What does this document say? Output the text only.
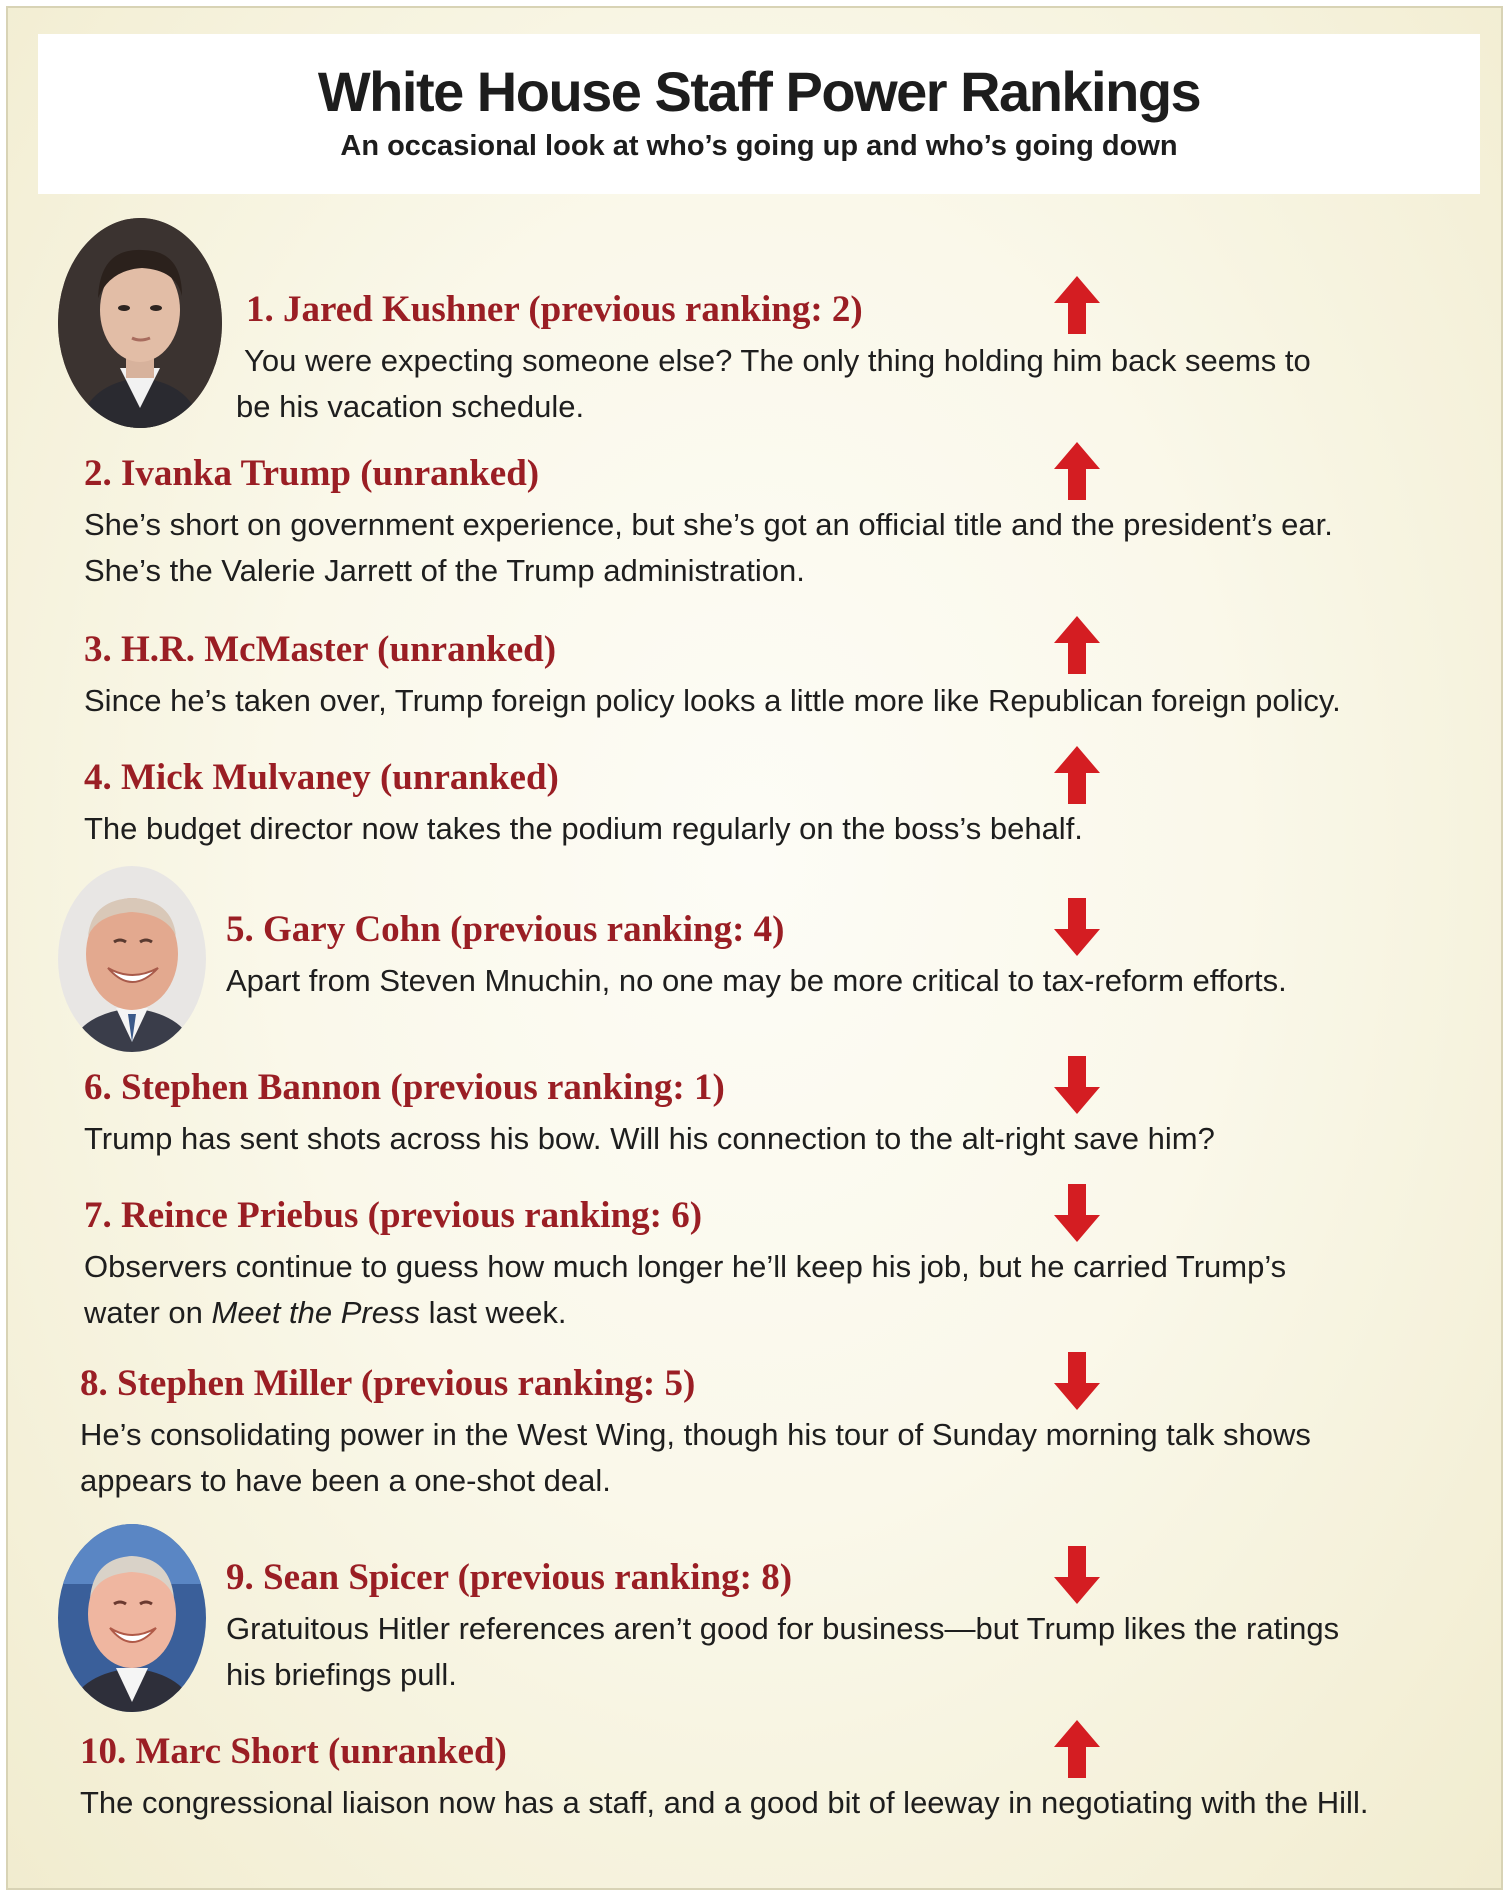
White House Staff Power Rankings
An occasional look at who’s going up and who’s going down
1. Jared Kushner (previous ranking: 2)
You were expecting someone else? The only thing holding him back seems to
be his vacation schedule.
2. Ivanka Trump (unranked)
She’s short on government experience, but she’s got an official title and the president’s ear.
She’s the Valerie Jarrett of the Trump administration.
3. H.R. McMaster (unranked)
Since he’s taken over, Trump foreign policy looks a little more like Republican foreign policy.
4. Mick Mulvaney (unranked)
The budget director now takes the podium regularly on the boss’s behalf.
5. Gary Cohn (previous ranking: 4)
Apart from Steven Mnuchin, no one may be more critical to tax-reform efforts.
6. Stephen Bannon (previous ranking: 1)
Trump has sent shots across his bow. Will his connection to the alt-right save him?
7. Reince Priebus (previous ranking: 6)
Observers continue to guess how much longer he’ll keep his job, but he carried Trump’s
water on Meet the Press last week.
8. Stephen Miller (previous ranking: 5)
He’s consolidating power in the West Wing, though his tour of Sunday morning talk shows
appears to have been a one-shot deal.
9. Sean Spicer (previous ranking: 8)
Gratuitous Hitler references aren’t good for business—but Trump likes the ratings
his briefings pull.
10. Marc Short (unranked)
The congressional liaison now has a staff, and a good bit of leeway in negotiating with the Hill.
